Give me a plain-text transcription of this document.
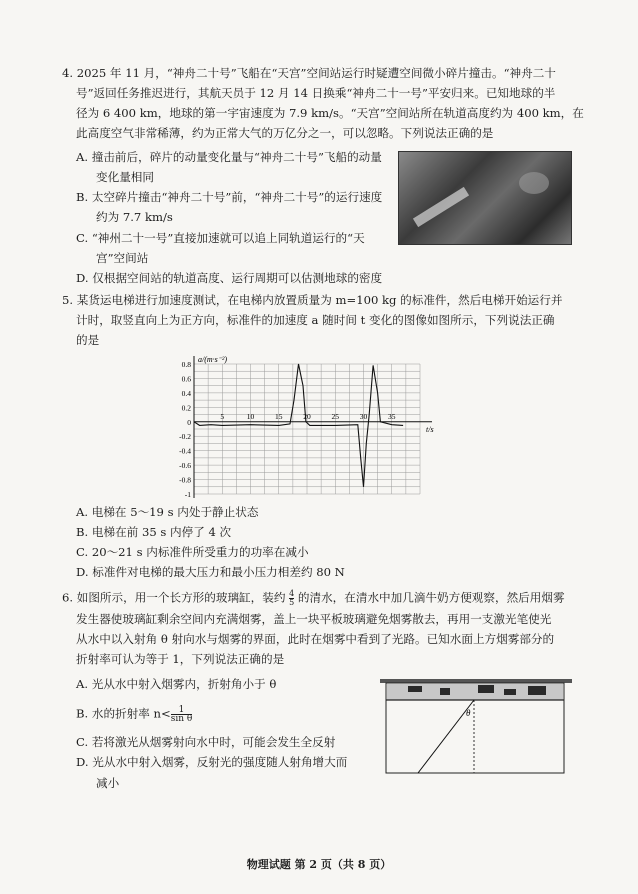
4. 2025 年 11 月，“神舟二十号”飞船在“天宫”空间站运行时疑遭空间微小碎片撞击。“神舟二十
号”返回任务推迟进行，其航天员于 12 月 14 日换乘“神舟二十一号”平安归来。已知地球的半
径为 6 400 km，地球的第一宇宙速度为 7.9 km/s。“天宫”空间站所在轨道高度约为 400 km，在
此高度空气非常稀薄，约为正常大气的万亿分之一，可以忽略。下列说法正确的是
A. 撞击前后，碎片的动量变化量与“神舟二十号”飞船的动量
变化量相同
B. 太空碎片撞击“神舟二十号”前，“神舟二十号”的运行速度
约为 7.7 km/s
C. “神州二十一号”直接加速就可以追上同轨道运行的“天
宫”空间站
D. 仅根据空间站的轨道高度、运行周期可以估测地球的密度
5. 某货运电梯进行加速度测试，在电梯内放置质量为 m=100 kg 的标准件，然后电梯开始运行并
计时，取竖直向上为正方向，标准件的加速度 a 随时间 t 变化的图像如图所示，下列说法正确
的是
0.8
0.6
0.4
0.2
0
-0.2
-0.4
-0.6
-0.8
-1
5	10	15	20	25	30	35
t/s
a/(m·s⁻²)
A. 电梯在 5～19 s 内处于静止状态
B. 电梯在前 35 s 内停了 4 次
C. 20～21 s 内标准件所受重力的功率在减小
D. 标准件对电梯的最大压力和最小压力相差约 80 N
6. 如图所示，用一个长方形的玻璃缸，装约 $\frac{4}{5}$ 的清水，在清水中加几滴牛奶方便观察，然后用烟雾
发生器使玻璃缸剩余空间内充满烟雾，盖上一块平板玻璃避免烟雾散去，再用一支激光笔使光
从水中以入射角 θ 射向水与烟雾的界面，此时在烟雾中看到了光路。已知水面上方烟雾部分的
折射率可认为等于 1，下列说法正确的是
A. 光从水中射入烟雾内，折射角小于 θ
B. 水的折射率 $n< \frac{1}{\text{sin θ}}$
C. 若将激光从烟雾射向水中时，可能会发生全反射
D. 光从水中射入烟雾，反射光的强度随人射角增大而
减小
θ
物理试题 第 2 页（共 8 页）
